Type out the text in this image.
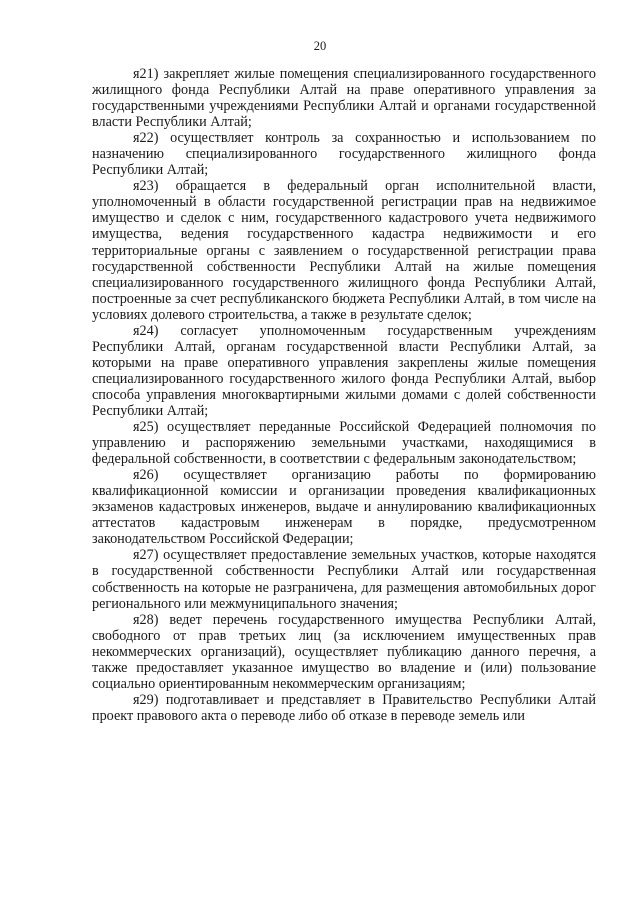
20

я21) закрепляет жилые помещения специализированного государственного жилищного фонда Республики Алтай на праве оперативного управления за государственными учреждениями Республики Алтай и органами государственной власти Республики Алтай;

я22) осуществляет контроль за сохранностью и использованием по назначению специализированного государственного жилищного фонда Республики Алтай;

я23) обращается в федеральный орган исполнительной власти, уполномоченный в области государственной регистрации прав на недвижимое имущество и сделок с ним, государственного кадастрового учета недвижимого имущества, ведения государственного кадастра недвижимости и его территориальные органы с заявлением о государственной регистрации права государственной собственности Республики Алтай на жилые помещения специализированного государственного жилищного фонда Республики Алтай, построенные за счет республиканского бюджета Республики Алтай, в том числе на условиях долевого строительства, а также в результате сделок;

я24) согласует уполномоченным государственным учреждениям Республики Алтай, органам государственной власти Республики Алтай, за которыми на праве оперативного управления закреплены жилые помещения специализированного государственного жилого фонда Республики Алтай, выбор способа управления многоквартирными жилыми домами с долей собственности Республики Алтай;

я25) осуществляет переданные Российской Федерацией полномочия по управлению и распоряжению земельными участками, находящимися в федеральной собственности, в соответствии с федеральным законодательством;

я26) осуществляет организацию работы по формированию квалификационной комиссии и организации проведения квалификационных экзаменов кадастровых инженеров, выдаче и аннулированию квалификационных аттестатов кадастровым инженерам в порядке, предусмотренном законодательством Российской Федерации;

я27) осуществляет предоставление земельных участков, которые находятся в государственной собственности Республики Алтай или государственная собственность на которые не разграничена, для размещения автомобильных дорог регионального или межмуниципального значения;

я28) ведет перечень государственного имущества Республики Алтай, свободного от прав третьих лиц (за исключением имущественных прав некоммерческих организаций), осуществляет публикацию данного перечня, а также предоставляет указанное имущество во владение и (или) пользование социально ориентированным некоммерческим организациям;

я29) подготавливает и представляет в Правительство Республики Алтай проект правового акта о переводе либо об отказе в переводе земель или
